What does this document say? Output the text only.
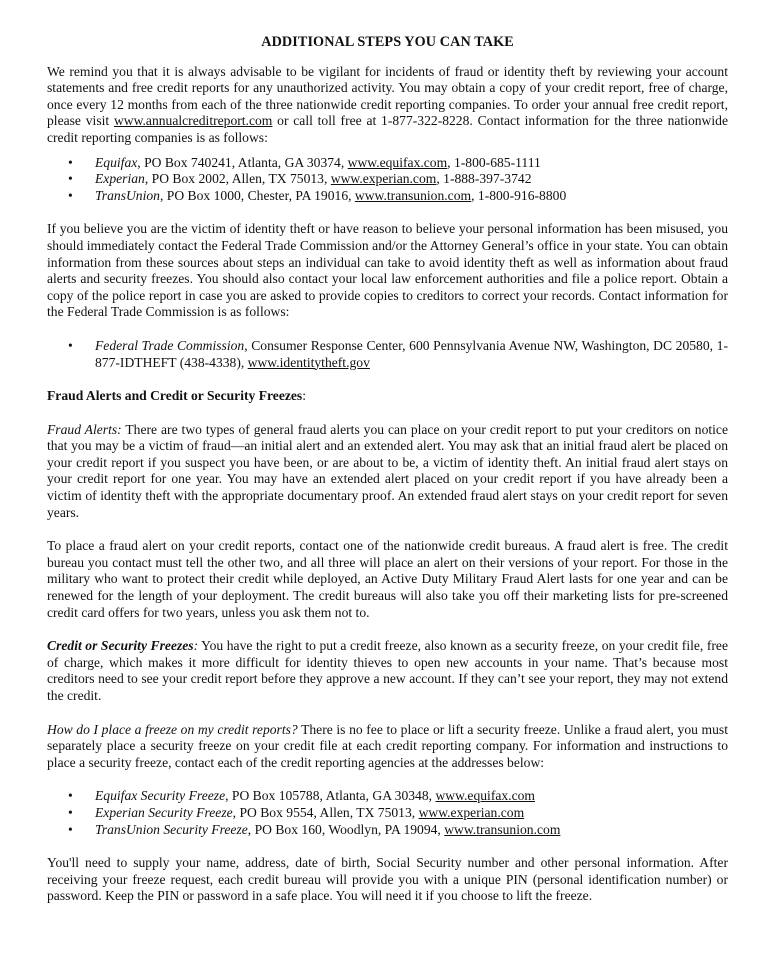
ADDITIONAL STEPS YOU CAN TAKE

We remind you that it is always advisable to be vigilant for incidents of fraud or identity theft by reviewing your account statements and free credit reports for any unauthorized activity. You may obtain a copy of your credit report, free of charge, once every 12 months from each of the three nationwide credit reporting companies. To order your annual free credit report, please visit www.annualcreditreport.com or call toll free at 1-877-322-8228. Contact information for the three nationwide credit reporting companies is as follows:

• Equifax, PO Box 740241, Atlanta, GA 30374, www.equifax.com, 1-800-685-1111
• Experian, PO Box 2002, Allen, TX 75013, www.experian.com, 1-888-397-3742
• TransUnion, PO Box 1000, Chester, PA 19016, www.transunion.com, 1-800-916-8800

If you believe you are the victim of identity theft or have reason to believe your personal information has been misused, you should immediately contact the Federal Trade Commission and/or the Attorney General’s office in your state. You can obtain information from these sources about steps an individual can take to avoid identity theft as well as information about fraud alerts and security freezes. You should also contact your local law enforcement authorities and file a police report. Obtain a copy of the police report in case you are asked to provide copies to creditors to correct your records. Contact information for the Federal Trade Commission is as follows:

• Federal Trade Commission, Consumer Response Center, 600 Pennsylvania Avenue NW, Washington, DC 20580, 1-877-IDTHEFT (438-4338), www.identitytheft.gov

Fraud Alerts and Credit or Security Freezes:

Fraud Alerts: There are two types of general fraud alerts you can place on your credit report to put your creditors on notice that you may be a victim of fraud—an initial alert and an extended alert. You may ask that an initial fraud alert be placed on your credit report if you suspect you have been, or are about to be, a victim of identity theft. An initial fraud alert stays on your credit report for one year. You may have an extended alert placed on your credit report if you have already been a victim of identity theft with the appropriate documentary proof. An extended fraud alert stays on your credit report for seven years.

To place a fraud alert on your credit reports, contact one of the nationwide credit bureaus. A fraud alert is free. The credit bureau you contact must tell the other two, and all three will place an alert on their versions of your report. For those in the military who want to protect their credit while deployed, an Active Duty Military Fraud Alert lasts for one year and can be renewed for the length of your deployment. The credit bureaus will also take you off their marketing lists for pre-screened credit card offers for two years, unless you ask them not to.

Credit or Security Freezes: You have the right to put a credit freeze, also known as a security freeze, on your credit file, free of charge, which makes it more difficult for identity thieves to open new accounts in your name. That’s because most creditors need to see your credit report before they approve a new account. If they can’t see your report, they may not extend the credit.

How do I place a freeze on my credit reports? There is no fee to place or lift a security freeze. Unlike a fraud alert, you must separately place a security freeze on your credit file at each credit reporting company. For information and instructions to place a security freeze, contact each of the credit reporting agencies at the addresses below:

• Equifax Security Freeze, PO Box 105788, Atlanta, GA 30348, www.equifax.com
• Experian Security Freeze, PO Box 9554, Allen, TX 75013, www.experian.com
• TransUnion Security Freeze, PO Box 160, Woodlyn, PA 19094, www.transunion.com

You'll need to supply your name, address, date of birth, Social Security number and other personal information. After receiving your freeze request, each credit bureau will provide you with a unique PIN (personal identification number) or password. Keep the PIN or password in a safe place. You will need it if you choose to lift the freeze.
